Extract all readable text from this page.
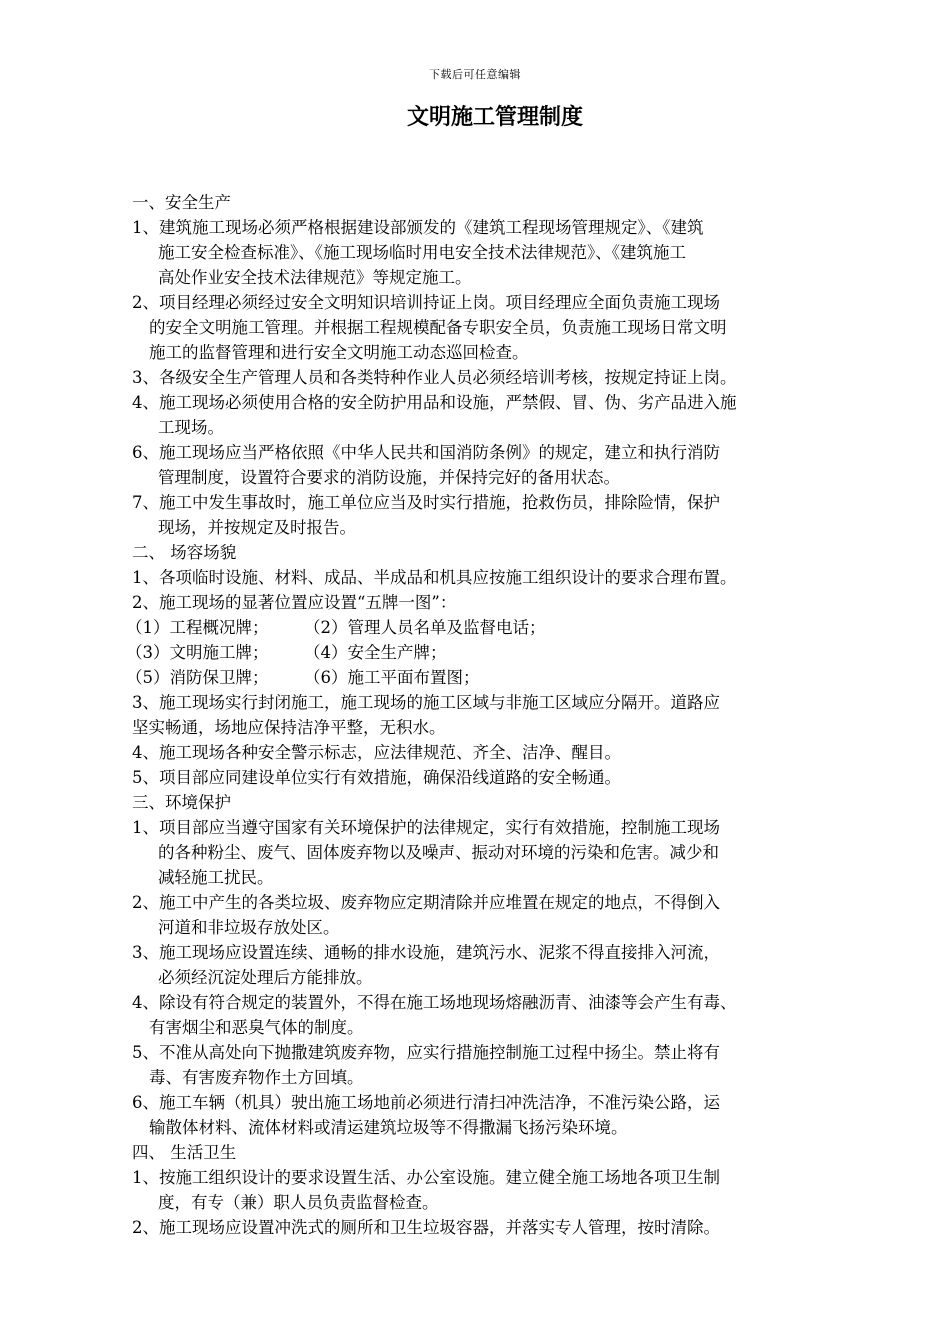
下载后可任意编辑
文明施工管理制度
一、安全生产
1、建筑施工现场必须严格根据建设部颁发的《建筑工程现场管理规定》、《建筑
施工安全检查标准》、《施工现场临时用电安全技术法律规范》、《建筑施工
高处作业安全技术法律规范》等规定施工。
2、项目经理必须经过安全文明知识培训持证上岗。项目经理应全面负责施工现场
的安全文明施工管理。并根据工程规模配备专职安全员，负责施工现场日常文明
施工的监督管理和进行安全文明施工动态巡回检查。
3、各级安全生产管理人员和各类特种作业人员必须经培训考核，按规定持证上岗。
4、施工现场必须使用合格的安全防护用品和设施，严禁假、冒、伪、劣产品进入施
工现场。
6、施工现场应当严格依照《中华人民共和国消防条例》的规定，建立和执行消防
管理制度，设置符合要求的消防设施，并保持完好的备用状态。
7、施工中发生事故时，施工单位应当及时实行措施，抢救伤员，排除险情，保护
现场，并按规定及时报告。
二、 场容场貌
1、各项临时设施、材料、成品、半成品和机具应按施工组织设计的要求合理布置。
2、施工现场的显著位置应设置“五牌一图”：
（1）工程概况牌；	（2）管理人员名单及监督电话；
（3）文明施工牌；	（4）安全生产牌；
（5）消防保卫牌；	（6）施工平面布置图；
3、施工现场实行封闭施工，施工现场的施工区域与非施工区域应分隔开。道路应
坚实畅通，场地应保持洁净平整，无积水。
4、施工现场各种安全警示标志，应法律规范、齐全、洁净、醒目。
5、项目部应同建设单位实行有效措施，确保沿线道路的安全畅通。
三、环境保护
1、项目部应当遵守国家有关环境保护的法律规定，实行有效措施，控制施工现场
的各种粉尘、废气、固体废弃物以及噪声、振动对环境的污染和危害。减少和
减轻施工扰民。
2、施工中产生的各类垃圾、废弃物应定期清除并应堆置在规定的地点，不得倒入
河道和非垃圾存放处区。
3、施工现场应设置连续、通畅的排水设施，建筑污水、泥浆不得直接排入河流，
必须经沉淀处理后方能排放。
4、除设有符合规定的装置外，不得在施工场地现场熔融沥青、油漆等会产生有毒、
有害烟尘和恶臭气体的制度。
5、不准从高处向下抛撒建筑废弃物，应实行措施控制施工过程中扬尘。禁止将有
毒、有害废弃物作土方回填。
6、施工车辆（机具）驶出施工场地前必须进行清扫冲洗洁净，不准污染公路，运
输散体材料、流体材料或清运建筑垃圾等不得撒漏飞扬污染环境。
四、 生活卫生
1、按施工组织设计的要求设置生活、办公室设施。建立健全施工场地各项卫生制
度，有专（兼）职人员负责监督检查。
2、施工现场应设置冲洗式的厕所和卫生垃圾容器，并落实专人管理，按时清除。
